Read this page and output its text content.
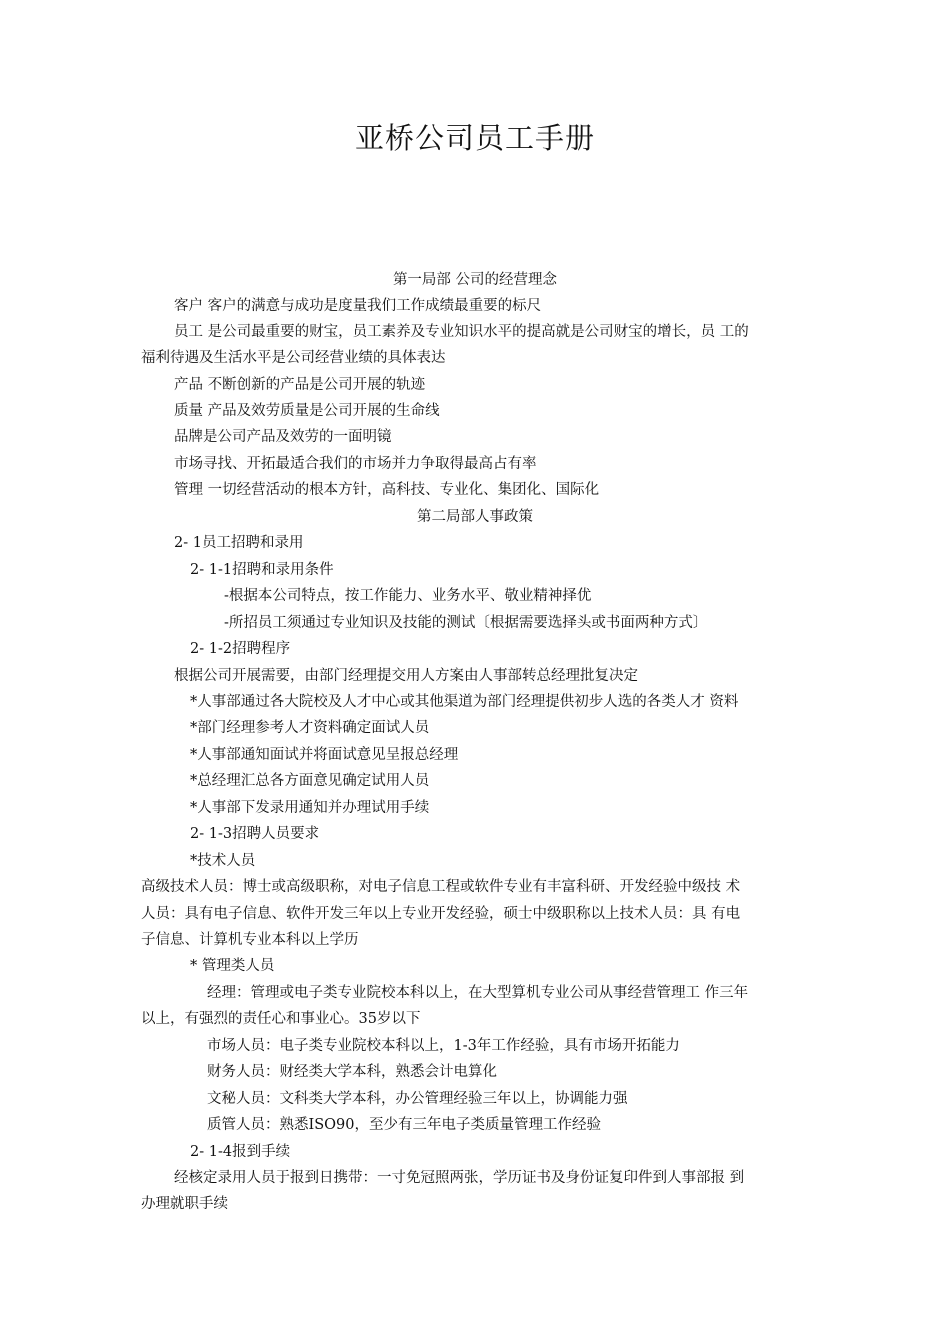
亚桥公司员工手册
第一局部 公司的经营理念
客户 客户的满意与成功是度量我们工作成绩最重要的标尺
员工 是公司最重要的财宝，员工素养及专业知识水平的提高就是公司财宝的增长，员 工的
福利待遇及生活水平是公司经营业绩的具体表达
产品 不断创新的产品是公司开展的轨迹
质量 产品及效劳质量是公司开展的生命线
品牌是公司产品及效劳的一面明镜
市场寻找、开拓最适合我们的市场并力争取得最高占有率
管理 一切经营活动的根本方针，高科技、专业化、集团化、国际化
第二局部人事政策
2- 1员工招聘和录用
2- 1-1招聘和录用条件
-根据本公司特点，按工作能力、业务水平、敬业精神择优
-所招员工须通过专业知识及技能的测试〔根据需要选择头或书面两种方式〕
2- 1-2招聘程序
根据公司开展需要，由部门经理提交用人方案由人事部转总经理批复决定
*人事部通过各大院校及人才中心或其他渠道为部门经理提供初步人选的各类人才 资料
*部门经理参考人才资料确定面试人员
*人事部通知面试并将面试意见呈报总经理
*总经理汇总各方面意见确定试用人员
*人事部下发录用通知并办理试用手续
2- 1-3招聘人员要求
*技术人员
高级技术人员：博士或高级职称，对电子信息工程或软件专业有丰富科研、开发经验中级技 术
人员：具有电子信息、软件开发三年以上专业开发经验，硕士中级职称以上技术人员：具 有电
子信息、计算机专业本科以上学历
* 管理类人员
经理：管理或电子类专业院校本科以上，在大型算机专业公司从事经营管理工 作三年
以上，有强烈的责任心和事业心。35岁以下
市场人员：电子类专业院校本科以上，1-3年工作经验，具有市场开拓能力
财务人员：财经类大学本科，熟悉会计电算化
文秘人员：文科类大学本科，办公管理经验三年以上，协调能力强
质管人员：熟悉ISO90，至少有三年电子类质量管理工作经验
2- 1-4报到手续
经核定录用人员于报到日携带：一寸免冠照两张，学历证书及身份证复印件到人事部报 到
办理就职手续
